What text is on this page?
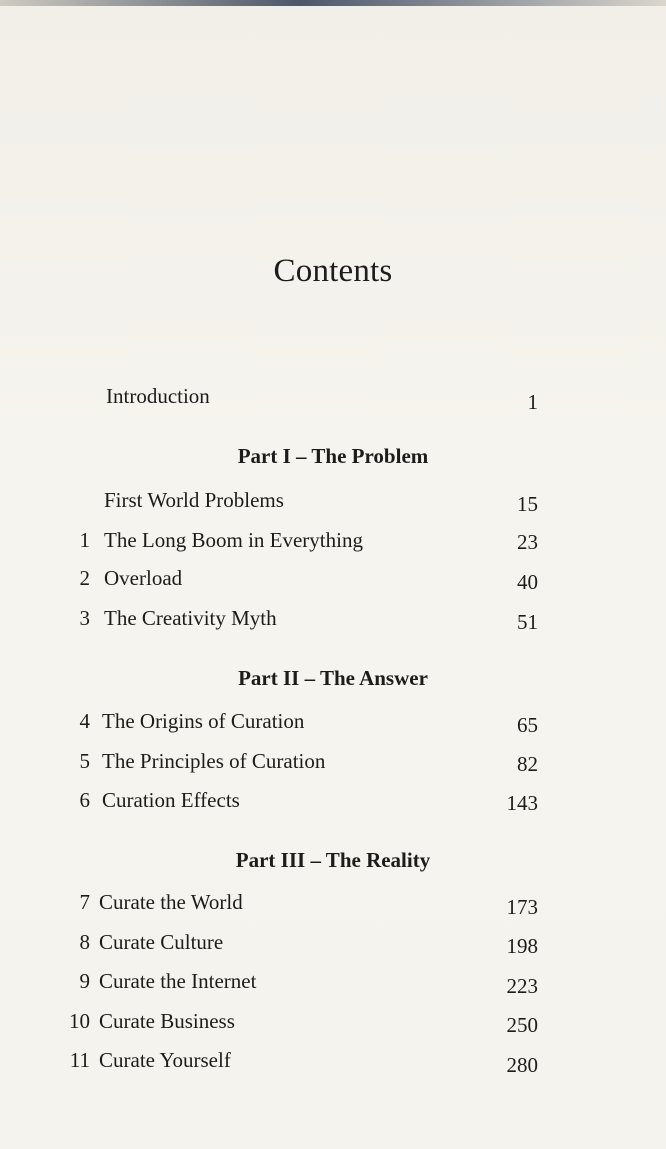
Contents
Introduction	1
Part I – The Problem
First World Problems	15
1 The Long Boom in Everything	23
2 Overload	40
3 The Creativity Myth	51
Part II – The Answer
4 The Origins of Curation	65
5 The Principles of Curation	82
6 Curation Effects	143
Part III – The Reality
7 Curate the World	173
8 Curate Culture	198
9 Curate the Internet	223
10 Curate Business	250
11 Curate Yourself	280
